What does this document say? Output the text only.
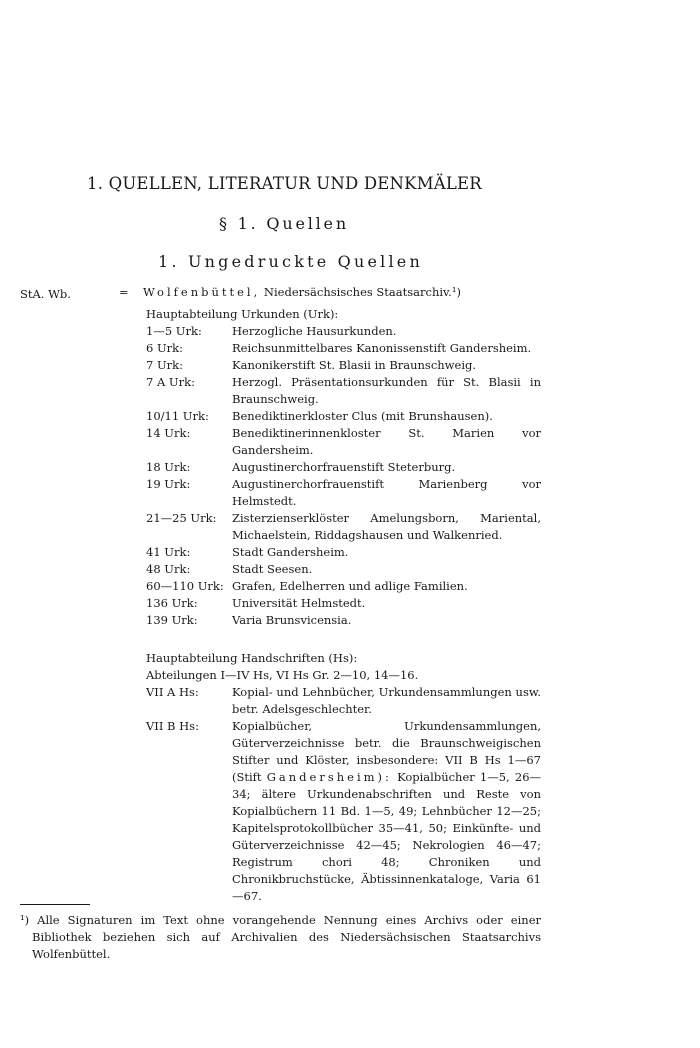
1. QUELLEN, LITERATUR UND DENKMÄLER
§ 1. Quellen
1. Ungedruckte Quellen
StA. Wb.	= Wolfenbüttel, Niedersächsisches Staatsarchiv.¹)
Hauptabteilung Urkunden (Urk):
1—5 Urk:	Herzogliche Hausurkunden.
6 Urk:	Reichsunmittelbares Kanonissenstift Gandersheim.
7 Urk:	Kanonikerstift St. Blasii in Braunschweig.
7 A Urk:	Herzogl. Präsentationsurkunden für St. Blasii in Braunschweig.
10/11 Urk:	Benediktinerkloster Clus (mit Brunshausen).
14 Urk:	Benediktinerinnenkloster St. Marien vor Gandersheim.
18 Urk:	Augustinerchorfrauenstift Steterburg.
19 Urk:	Augustinerchorfrauenstift Marienberg vor Helmstedt.
21—25 Urk:	Zisterzienserklöster Amelungsborn, Mariental, Michaelstein, Riddagshausen und Walkenried.
41 Urk:	Stadt Gandersheim.
48 Urk:	Stadt Seesen.
60—110 Urk: Grafen, Edelherren und adlige Familien.
136 Urk:	Universität Helmstedt.
139 Urk:	Varia Brunsvicensia.
Hauptabteilung Handschriften (Hs):
Abteilungen I—IV Hs, VI Hs Gr. 2—10, 14—16.
VII A Hs:	Kopial- und Lehnbücher, Urkundensammlungen usw. betr. Adelsgeschlechter.
VII B Hs:	Kopialbücher, Urkundensammlungen, Güterverzeichnisse betr. die Braunschweigischen Stifter und Klöster, insbesondere: VII B Hs 1—67 (Stift Gandersheim): Kopialbücher 1—5, 26—34; ältere Urkundenabschriften und Reste von Kopialbüchern 11 Bd. 1—5, 49; Lehnbücher 12—25; Kapitelsprotokollbücher 35—41, 50; Einkünfte- und Güterverzeichnisse 42—45; Nekrologien 46—47; Registrum chori 48; Chroniken und Chronikbruchstücke, Äbtissinnenkataloge, Varia 61—67.
¹) Alle Signaturen im Text ohne vorangehende Nennung eines Archivs oder einer Bibliothek beziehen sich auf Archivalien des Niedersächsischen Staatsarchivs Wolfenbüttel.
